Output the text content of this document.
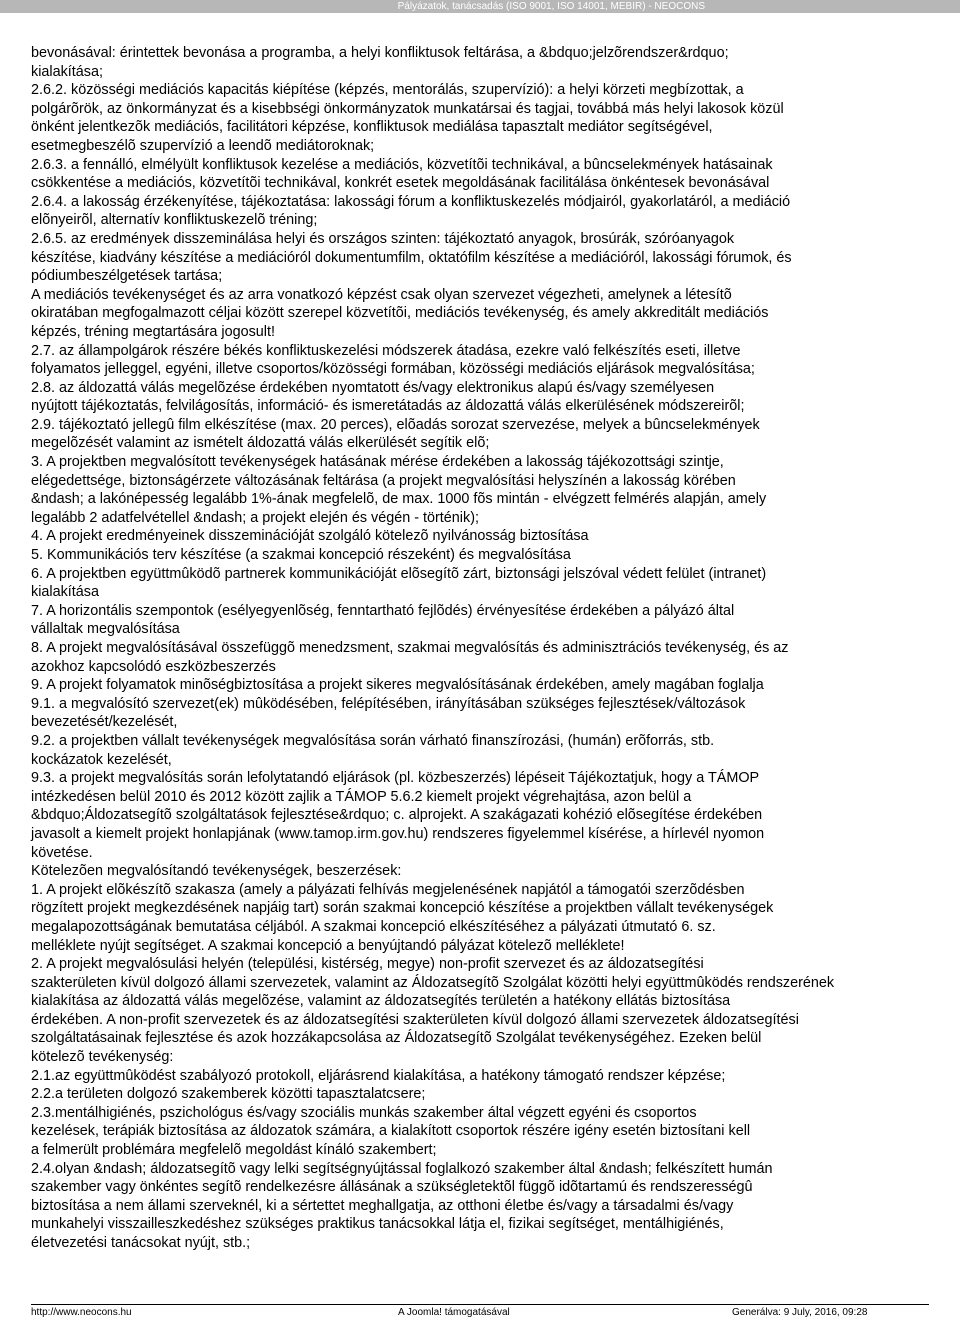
Pályázatok, tanácsadás (ISO 9001, ISO 14001, MEBIR) - NEOCONS
bevonásával: érintettek bevonása a programba, a helyi konfliktusok feltárása, a &bdquo;jelzõrendszer&rdquo;
kialakítása;
2.6.2. közösségi mediációs kapacitás kiépítése (képzés, mentorálás, szupervízió): a helyi körzeti megbízottak, a
polgárõrök, az önkormányzat és a kisebbségi önkormányzatok munkatársai és tagjai, továbbá más helyi lakosok közül
önként jelentkezõk mediációs, facilitátori képzése, konfliktusok mediálása tapasztalt mediátor segítségével,
esetmegbeszélõ szupervízió a leendõ mediátoroknak;
2.6.3. a fennálló, elmélyült konfliktusok kezelése a mediációs, közvetítõi technikával, a bûncselekmények hatásainak
csökkentése a mediációs, közvetítõi technikával, konkrét esetek megoldásának facilitálása önkéntesek bevonásával
2.6.4. a lakosság érzékenyítése, tájékoztatása: lakossági fórum a konfliktuskezelés módjairól, gyakorlatáról, a mediáció
elõnyeirõl, alternatív konfliktuskezelõ tréning;
2.6.5. az eredmények disszeminálása helyi és országos szinten: tájékoztató anyagok, brosúrák, szóróanyagok
készítése, kiadvány készítése a mediációról dokumentumfilm, oktatófilm készítése a mediációról, lakossági fórumok, és
pódiumbeszélgetések tartása;
A mediációs tevékenységet és az arra vonatkozó képzést csak olyan szervezet végezheti, amelynek a létesítõ
okiratában megfogalmazott céljai között szerepel közvetítõi, mediációs tevékenység, és amely akkreditált mediációs
képzés, tréning megtartására jogosult!
2.7. az állampolgárok részére békés konfliktuskezelési módszerek átadása, ezekre való felkészítés eseti, illetve
folyamatos jelleggel, egyéni, illetve csoportos/közösségi formában, közösségi mediációs eljárások megvalósítása;
2.8. az áldozattá válás megelõzése érdekében nyomtatott és/vagy elektronikus alapú és/vagy személyesen
nyújtott tájékoztatás, felvilágosítás, információ- és ismeretátadás az áldozattá válás elkerülésének módszereirõl;
2.9. tájékoztató jellegû film elkészítése (max. 20 perces), elõadás sorozat szervezése, melyek a bûncselekmények
megelõzését valamint az ismételt áldozattá válás elkerülését segítik elõ;
3. A projektben megvalósított tevékenységek hatásának mérése érdekében a lakosság tájékozottsági szintje,
elégedettsége, biztonságérzete változásának feltárása (a projekt megvalósítási helyszínén a lakosság körében
&ndash; a lakónépesség legalább 1%-ának megfelelõ, de max. 1000 fõs mintán - elvégzett felmérés alapján, amely
legalább 2 adatfelvétellel &ndash; a projekt elején és végén - történik);
4. A projekt eredményeinek disszeminációját szolgáló kötelezõ nyilvánosság biztosítása
5. Kommunikációs terv készítése (a szakmai koncepció részeként) és megvalósítása
6. A projektben együttmûködõ partnerek kommunikációját elõsegítõ zárt, biztonsági jelszóval védett felület (intranet)
kialakítása
7. A horizontális szempontok (esélyegyenlõség, fenntartható fejlõdés) érvényesítése érdekében a pályázó által
vállaltak megvalósítása
8. A projekt megvalósításával összefüggõ menedzsment, szakmai megvalósítás és adminisztrációs tevékenység, és az
azokhoz kapcsolódó eszközbeszerzés
9. A projekt folyamatok minõségbiztosítása a projekt sikeres megvalósításának érdekében, amely magában foglalja
9.1. a megvalósító szervezet(ek) mûködésében, felépítésében, irányításában szükséges fejlesztések/változások
bevezetését/kezelését,
9.2. a projektben vállalt tevékenységek megvalósítása során várható finanszírozási, (humán) erõforrás, stb.
kockázatok kezelését,
9.3. a projekt megvalósítás során lefolytatandó eljárások (pl. közbeszerzés) lépéseit Tájékoztatjuk, hogy a TÁMOP
intézkedésen belül 2010 és 2012 között zajlik a TÁMOP 5.6.2 kiemelt projekt végrehajtása, azon belül a
&bdquo;Áldozatsegítõ szolgáltatások fejlesztése&rdquo; c. alprojekt. A szakágazati kohézió elõsegítése érdekében
javasolt a kiemelt projekt honlapjának (www.tamop.irm.gov.hu) rendszeres figyelemmel kísérése, a hírlevél nyomon
követése.
Kötelezõen megvalósítandó tevékenységek, beszerzések:
1. A projekt elõkészítõ szakasza (amely a pályázati felhívás megjelenésének napjától a támogatói szerzõdésben
rögzített projekt megkezdésének napjáig tart) során szakmai koncepció készítése a projektben vállalt tevékenységek
megalapozottságának bemutatása céljából. A szakmai koncepció elkészítéséhez a pályázati útmutató 6. sz.
melléklete nyújt segítséget. A szakmai koncepció a benyújtandó pályázat kötelezõ melléklete!
2. A projekt megvalósulási helyén (települési, kistérség, megye) non-profit szervezet és az áldozatsegítési
szakterületen kívül dolgozó állami szervezetek, valamint az Áldozatsegítõ Szolgálat közötti helyi együttmûködés rendszerének
kialakítása az áldozattá válás megelõzése, valamint az áldozatsegítés területén a hatékony ellátás biztosítása
érdekében. A non-profit szervezetek és az áldozatsegítési szakterületen kívül dolgozó állami szervezetek áldozatsegítési
szolgáltatásainak fejlesztése és azok hozzákapcsolása az Áldozatsegítõ Szolgálat tevékenységéhez. Ezeken belül
kötelezõ tevékenység:
2.1.az együttmûködést szabályozó protokoll, eljárásrend kialakítása, a hatékony támogató rendszer képzése;
2.2.a területen dolgozó szakemberek közötti tapasztalatcsere;
2.3.mentálhigiénés, pszichológus és/vagy szociális munkás szakember által végzett egyéni és csoportos
kezelések, terápiák biztosítása az áldozatok számára, a kialakított csoportok részére igény esetén biztosítani kell
a felmerült problémára megfelelõ megoldást kínáló szakembert;
2.4.olyan &ndash; áldozatsegítõ vagy lelki segítségnyújtással foglalkozó szakember által &ndash; felkészített humán
szakember vagy önkéntes segítõ rendelkezésre állásának a szükségletektõl függõ idõtartamú és rendszerességû
biztosítása a nem állami szerveknél, ki a sértettet meghallgatja, az otthoni életbe és/vagy a társadalmi és/vagy
munkahelyi visszailleszkedéshez szükséges praktikus tanácsokkal látja el, fizikai segítséget, mentálhigiénés,
életvezetési tanácsokat nyújt, stb.;
http://www.neocons.hu	A Joomla! támogatásával	Generálva: 9 July, 2016, 09:28
